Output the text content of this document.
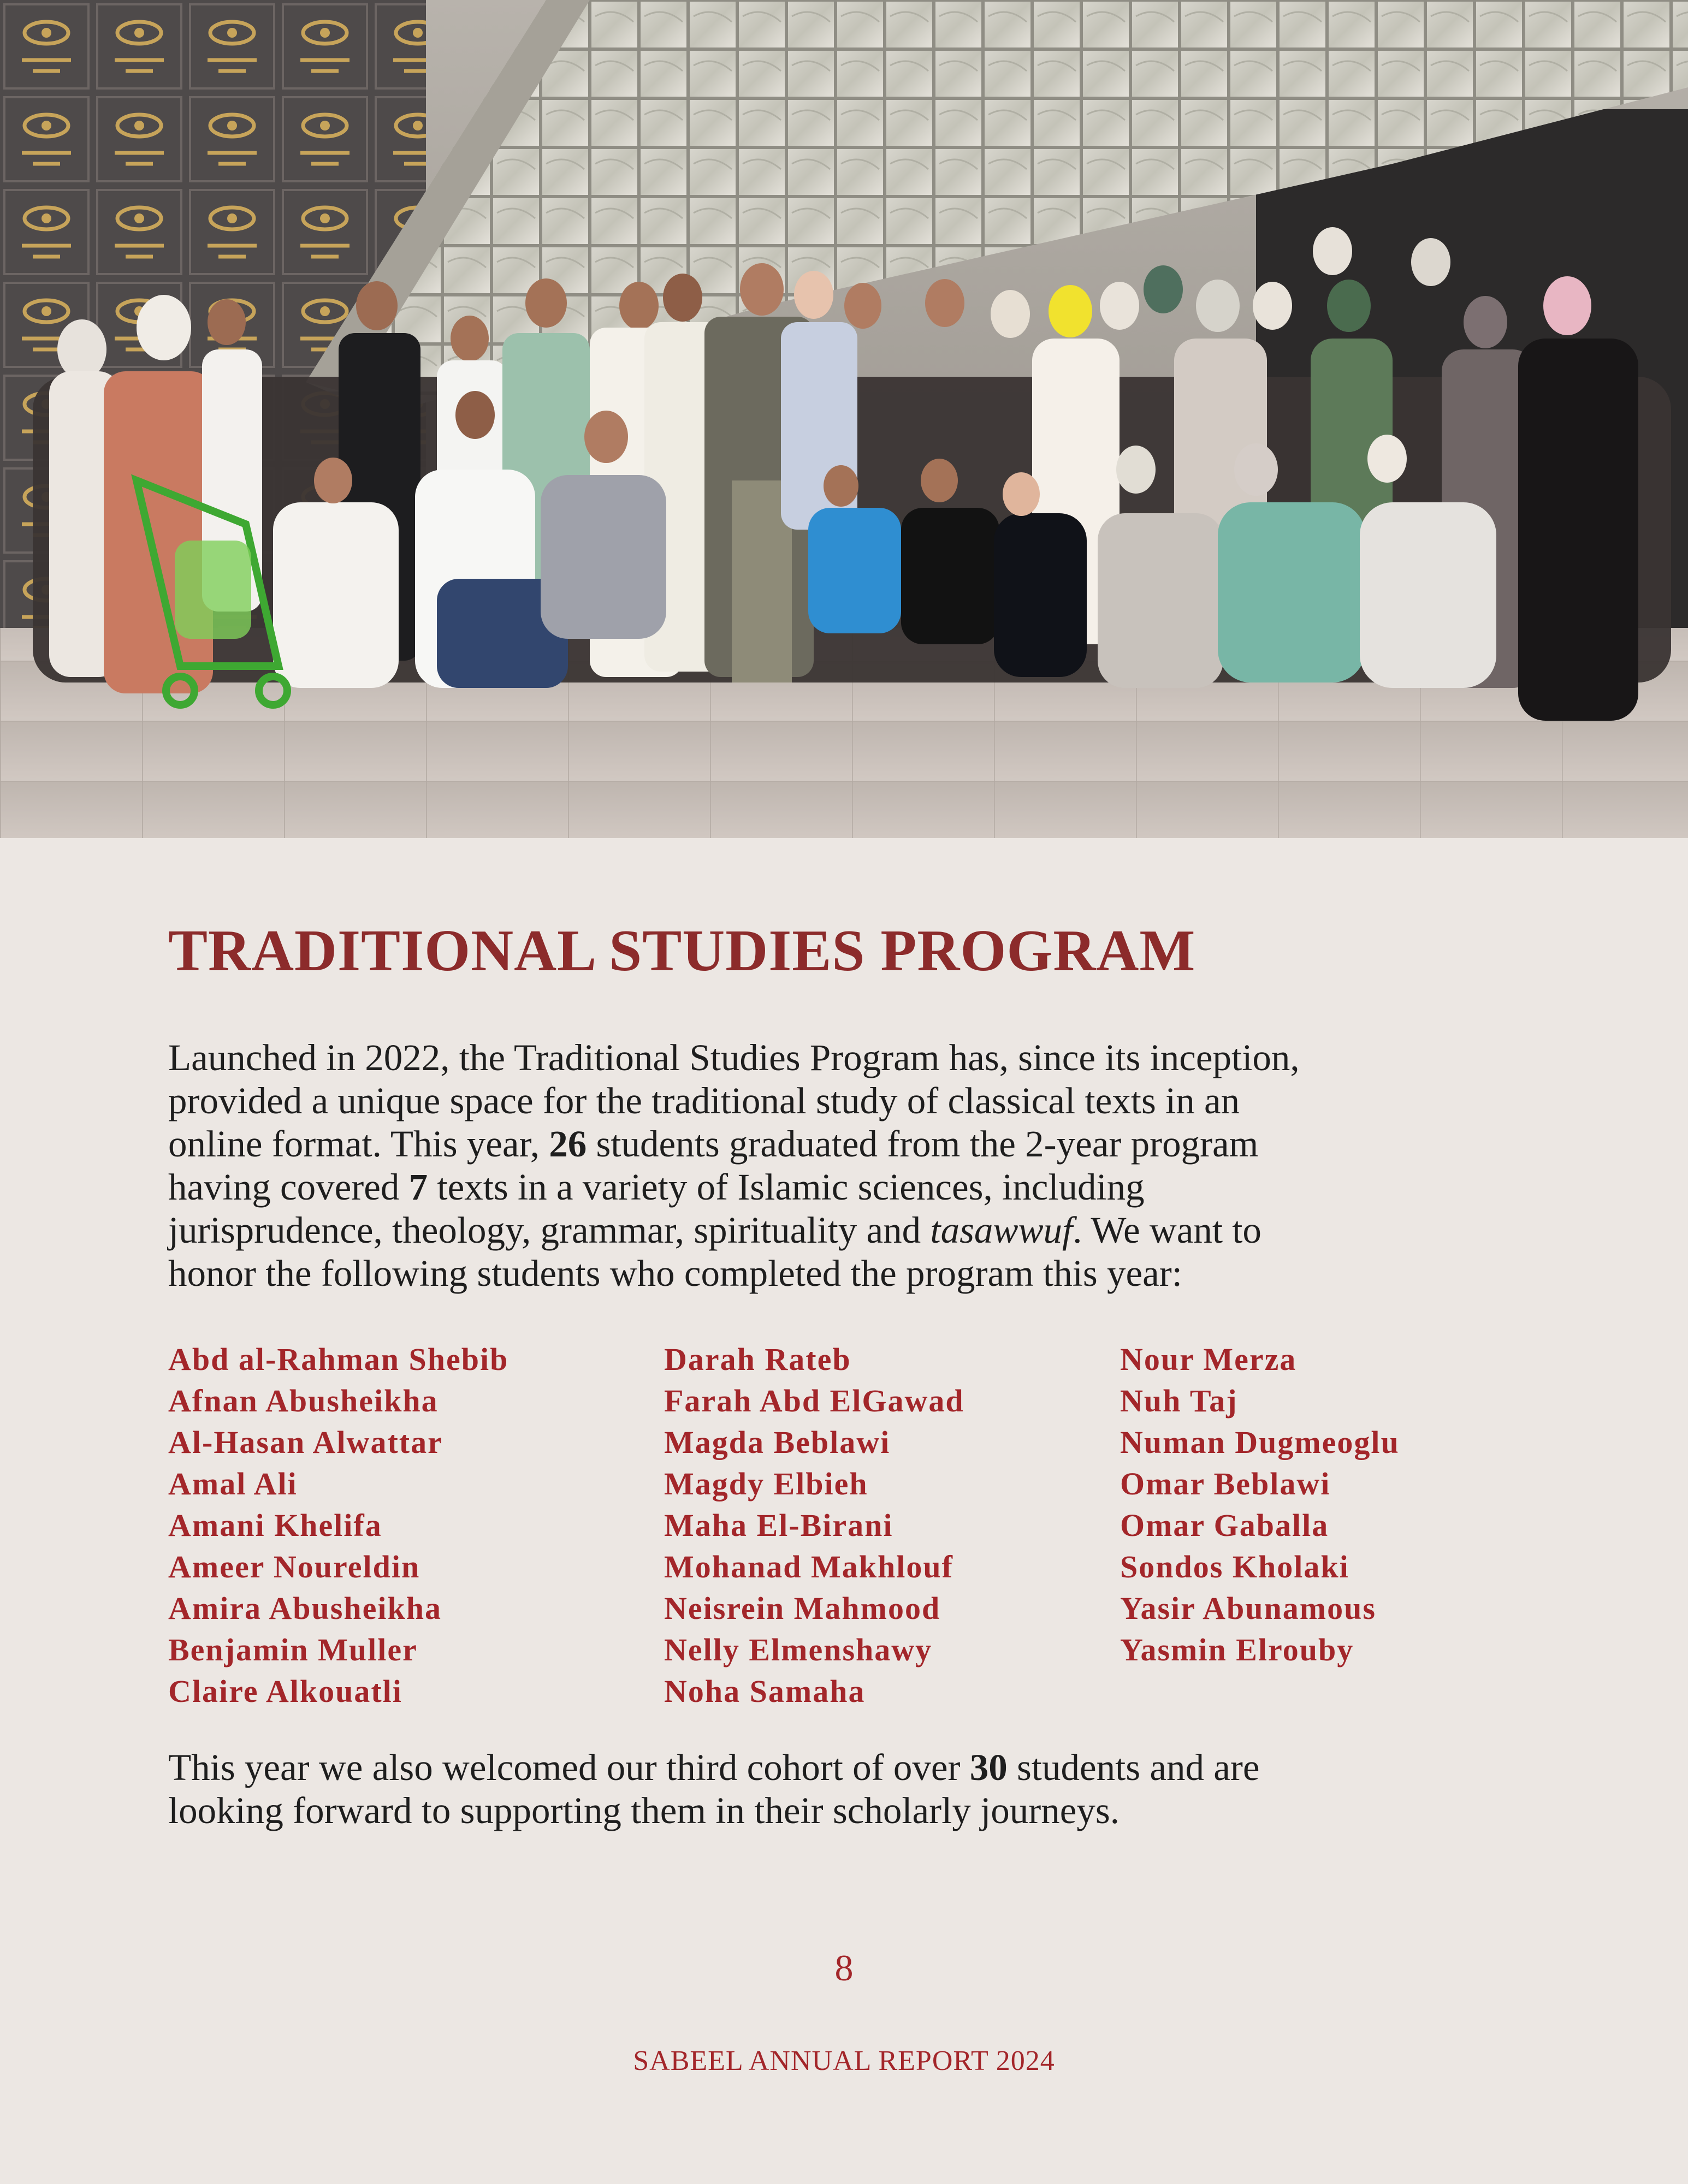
TRADITIONAL STUDIES PROGRAM

Launched in 2022, the Traditional Studies Program has, since its inception,

provided a unique space for the traditional study of classical texts in an

online format. This year, 26 students graduated from the 2-year program

having covered 7 texts in a variety of Islamic sciences, including

jurisprudence, theology, grammar, spirituality and tasawwuf. We want to

honor the following students who completed the program this year:

Abd al-Rahman Shebib
Afnan Abusheikha
Al-Hasan Alwattar
Amal Ali
Amani Khelifa
Ameer Noureldin
Amira Abusheikha
Benjamin Muller
Claire Alkouatli
Darah Rateb
Farah Abd ElGawad
Magda Beblawi
Magdy Elbieh
Maha El-Birani
Mohanad Makhlouf
Neisrein Mahmood
Nelly Elmenshawy
Noha Samaha
Nour Merza
Nuh Taj
Numan Dugmeoglu
Omar Beblawi
Omar Gaballa
Sondos Kholaki
Yasir Abunamous
Yasmin Elrouby

This year we also welcomed our third cohort of over 30 students and are

looking forward to supporting them in their scholarly journeys.

8
SABEEL ANNUAL REPORT 2024
